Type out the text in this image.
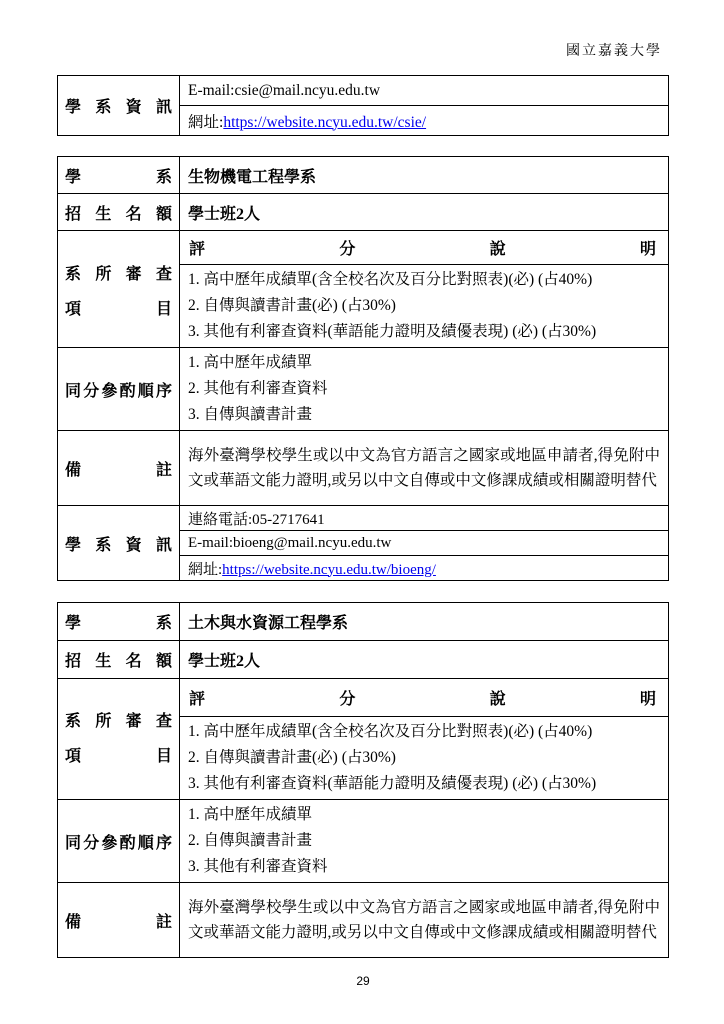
國立嘉義大學
學 系 資 訊	E-mail:csie@mail.ncyu.edu.tw
網址:https://website.ncyu.edu.tw/csie/
學 系	生物機電工程學系
招 生 名 額	學士班2人

系 所 審 查
項 目	評 分 說 明

	1. 高中歷年成績單(含全校名次及百分比對照表)(必) (占40%)
2. 自傳與讀書計畫(必) (占30%)
3. 其他有利審查資料(華語能力證明及績優表現) (必) (占30%)

同分參酌順序	1. 高中歷年成績單
2. 其他有利審查資料
3. 自傳與讀書計畫

備 註	海外臺灣學校學生或以中文為官方語言之國家或地區申請者,得免附中文或華語文能力證明,或另以中文自傳或中文修課成績或相關證明替代
學 系 資 訊	連絡電話:05-2717641
	E-mail:bioeng@mail.ncyu.edu.tw
	網址:https://website.ncyu.edu.tw/bioeng/
學 系	土木與水資源工程學系
招 生 名 額	學士班2人

系 所 審 查
項 目	評 分 說 明

	1. 高中歷年成績單(含全校名次及百分比對照表)(必) (占40%)
2. 自傳與讀書計畫(必) (占30%)
3. 其他有利審查資料(華語能力證明及績優表現) (必) (占30%)

同分參酌順序	1. 高中歷年成績單
2. 自傳與讀書計畫
3. 其他有利審查資料

備 註	海外臺灣學校學生或以中文為官方語言之國家或地區申請者,得免附中文或華語文能力證明,或另以中文自傳或中文修課成績或相關證明替代
29
